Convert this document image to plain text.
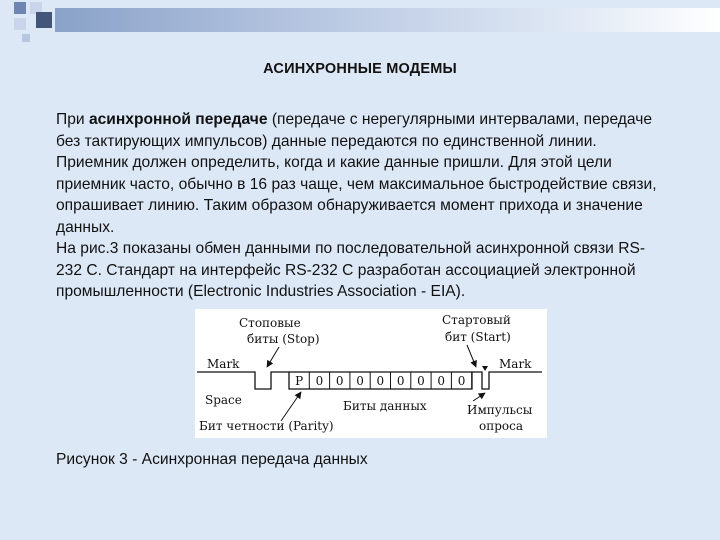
АСИНХРОННЫЕ МОДЕМЫ

При асинхронной передаче (передаче с нерегулярными интервалами, передаче без тактирующих импульсов) данные передаются по единственной линии. Приемник должен определить, когда и какие данные пришли. Для этой цели приемник часто, обычно в 16 раз чаще, чем максимальное быстродействие связи, опрашивает линию. Таким образом обнаруживается момент прихода и значение данных.

На рис.3 показаны обмен данными по последовательной асинхронной связи RS-232 C. Стандарт на интерфейс RS-232 C разработан ассоциацией электронной промышленности (Electronic Industries Association - EIA).

Стоповые
биты (Stop)
Стартовый
бит (Start)
Mark	Mark
P 0 0 0 0 0 0 0 0
Space	Биты данных
Бит четности (Parity)
Импульсы
опроса
Рисунок 3 - Асинхронная передача данных
